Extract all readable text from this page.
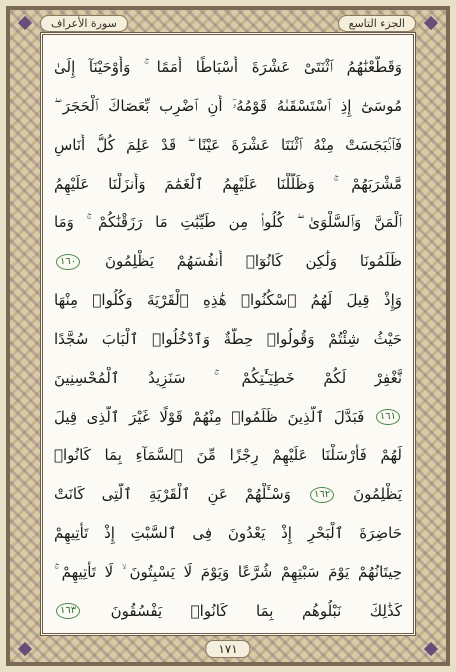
الجزء التاسع
سورة الأعراف
وَقَطَّعْنَٰهُمُ ٱثْنَتَىْ عَشْرَةَ أَسْبَاطًا أُمَمًا ۚ وَأَوْحَيْنَآ إِلَىٰ
مُوسَىٰٓ إِذِ ٱسْتَسْقَىٰهُ قَوْمُهُۥٓ أَنِ ٱضْرِب بِّعَصَاكَ ٱلْحَجَرَ ۖ
فَٱنۢبَجَسَتْ مِنْهُ ٱثْنَتَا عَشْرَةَ عَيْنًا ۖ قَدْ عَلِمَ كُلُّ أُنَاسٍ
مَّشْرَبَهُمْ ۚ وَظَلَّلْنَا عَلَيْهِمُ ٱلْغَمَٰمَ وَأَنزَلْنَا عَلَيْهِمُ
ٱلْمَنَّ وَٱلسَّلْوَىٰ ۖ كُلُوا۟ مِن طَيِّبَٰتِ مَا رَزَقْنَٰكُمْ ۚ وَمَا
ظَلَمُونَا وَلَٰكِن كَانُوٓا۟ أَنفُسَهُمْ يَظْلِمُونَ ١٦٠
وَإِذْ قِيلَ لَهُمُ ٱسْكُنُوا۟ هَٰذِهِ ٱلْقَرْيَةَ وَكُلُوا۟ مِنْهَا
حَيْثُ شِئْتُمْ وَقُولُوا۟ حِطَّةٌ وَٱدْخُلُوا۟ ٱلْبَابَ سُجَّدًا
نَّغْفِرْ لَكُمْ خَطِيٓـَٰٔتِكُمْ ۚ سَنَزِيدُ ٱلْمُحْسِنِينَ
١٦١ فَبَدَّلَ ٱلَّذِينَ ظَلَمُوا۟ مِنْهُمْ قَوْلًا غَيْرَ ٱلَّذِى قِيلَ
لَهُمْ فَأَرْسَلْنَا عَلَيْهِمْ رِجْزًا مِّنَ ٱلسَّمَآءِ بِمَا كَانُوا۟
يَظْلِمُونَ ١٦٢ وَسْـَٔلْهُمْ عَنِ ٱلْقَرْيَةِ ٱلَّتِى كَانَتْ
حَاضِرَةَ ٱلْبَحْرِ إِذْ يَعْدُونَ فِى ٱلسَّبْتِ إِذْ تَأْتِيهِمْ
حِيتَانُهُمْ يَوْمَ سَبْتِهِمْ شُرَّعًا وَيَوْمَ لَا يَسْبِتُونَ ۙ لَا تَأْتِيهِمْ ۚ
كَذَٰلِكَ نَبْلُوهُم بِمَا كَانُوا۟ يَفْسُقُونَ ١٦٣
١٧١
